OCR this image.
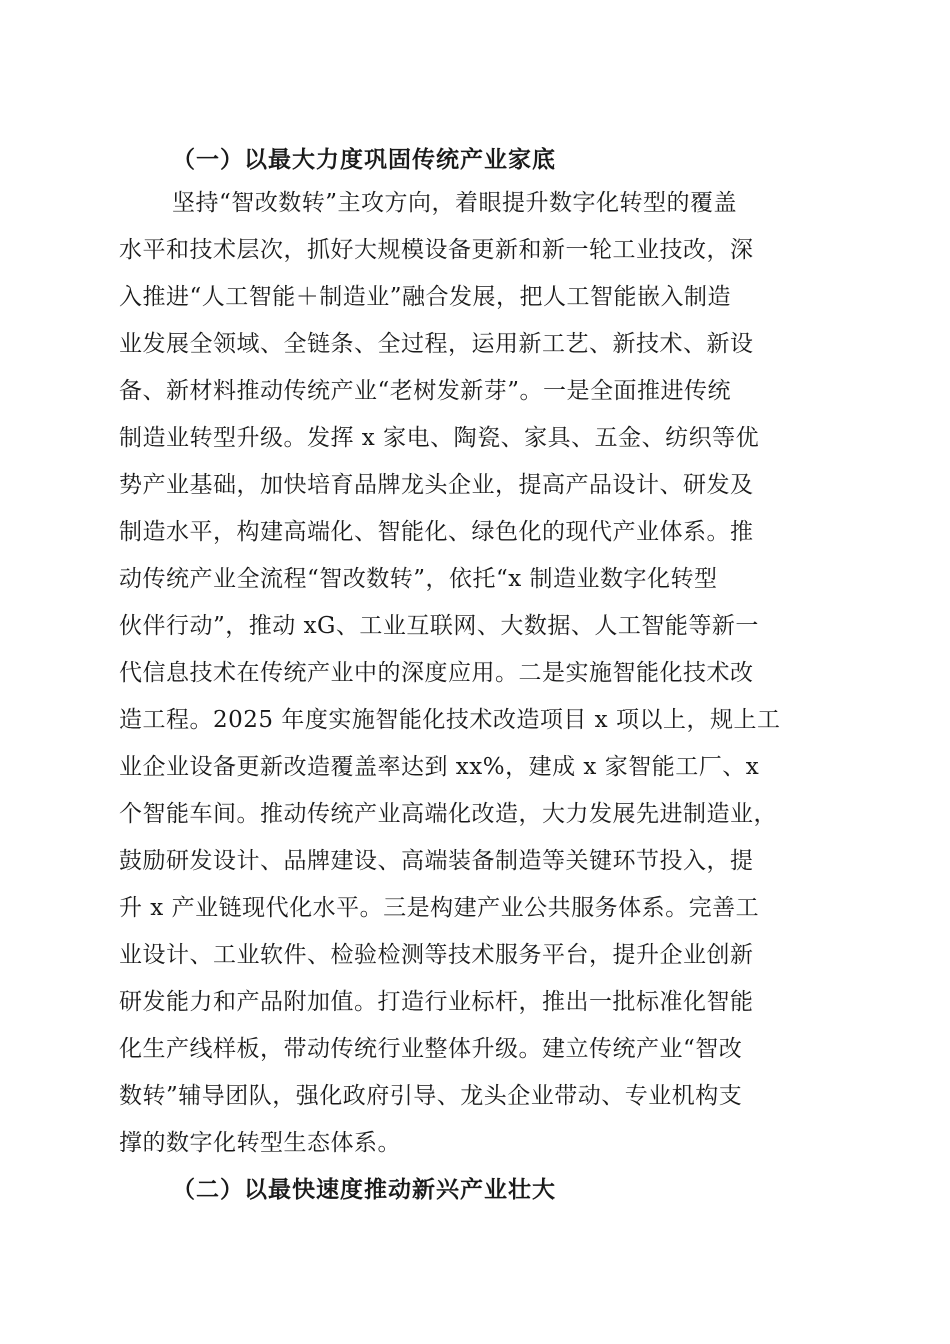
（一）以最大力度巩固传统产业家底
坚持“智改数转”主攻方向，着眼提升数字化转型的覆盖
水平和技术层次，抓好大规模设备更新和新一轮工业技改，深
入推进“人工智能＋制造业”融合发展，把人工智能嵌入制造
业发展全领域、全链条、全过程，运用新工艺、新技术、新设
备、新材料推动传统产业“老树发新芽”。一是全面推进传统
制造业转型升级。发挥 x 家电、陶瓷、家具、五金、纺织等优
势产业基础，加快培育品牌龙头企业，提高产品设计、研发及
制造水平，构建高端化、智能化、绿色化的现代产业体系。推
动传统产业全流程“智改数转”，依托“x 制造业数字化转型
伙伴行动”，推动 xG、工业互联网、大数据、人工智能等新一
代信息技术在传统产业中的深度应用。二是实施智能化技术改
造工程。2025 年度实施智能化技术改造项目 x 项以上，规上工
业企业设备更新改造覆盖率达到 xx%，建成 x 家智能工厂、x
个智能车间。推动传统产业高端化改造，大力发展先进制造业，
鼓励研发设计、品牌建设、高端装备制造等关键环节投入，提
升 x 产业链现代化水平。三是构建产业公共服务体系。完善工
业设计、工业软件、检验检测等技术服务平台，提升企业创新
研发能力和产品附加值。打造行业标杆，推出一批标准化智能
化生产线样板，带动传统行业整体升级。建立传统产业“智改
数转”辅导团队，强化政府引导、龙头企业带动、专业机构支
撑的数字化转型生态体系。
（二）以最快速度推动新兴产业壮大
